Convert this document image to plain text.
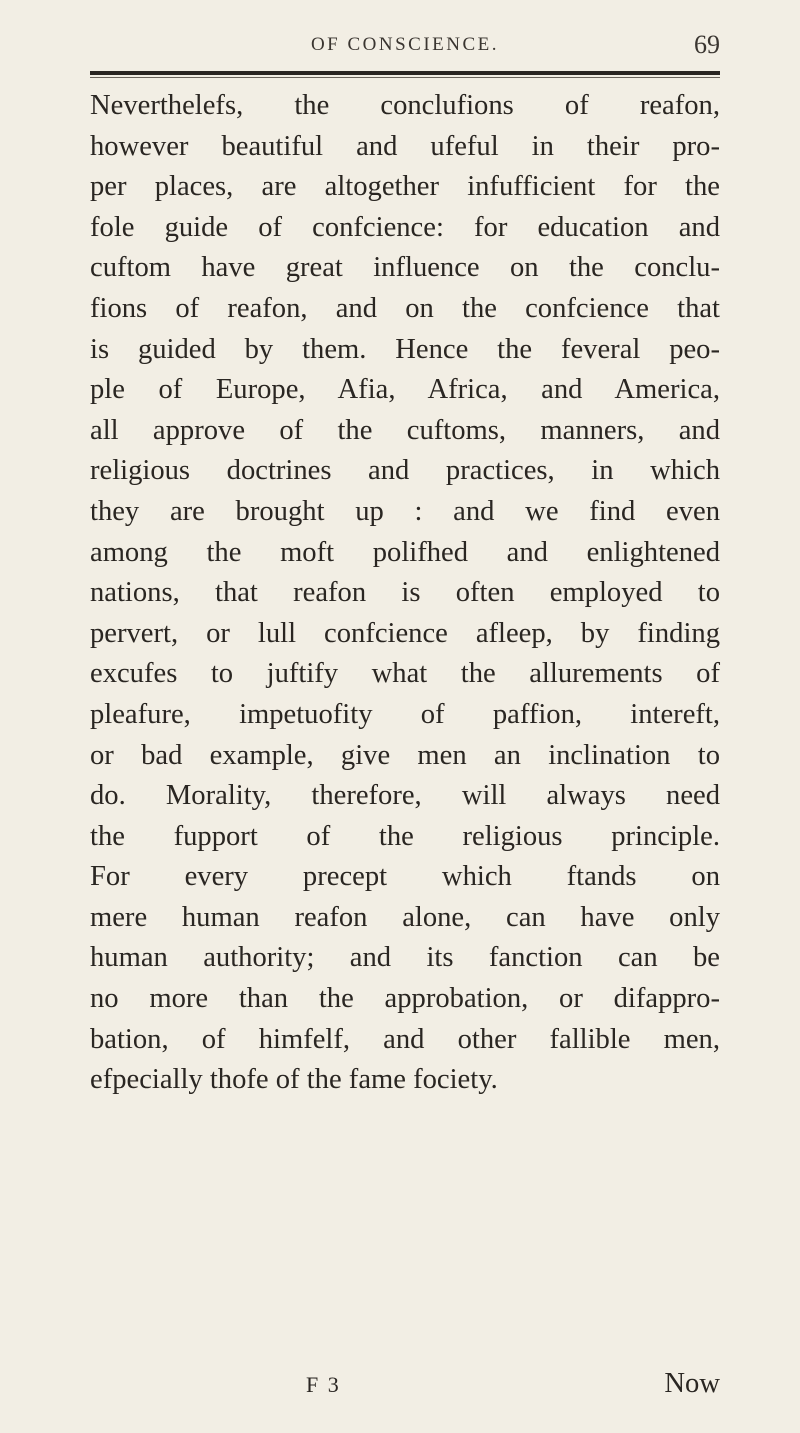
OF CONSCIENCE.	69
Neverthelefs, the conclufions of reafon,
however beautiful and ufeful in their pro-
per places, are altogether infufficient for the
fole guide of confcience: for education and
cuftom have great influence on the conclu-
fions of reafon, and on the confcience that
is guided by them. Hence the feveral peo-
ple of Europe, Afia, Africa, and America,
all approve of the cuftoms, manners, and
religious doctrines and practices, in which
they are brought up : and we find even
among the moft polifhed and enlightened
nations, that reafon is often employed to
pervert, or lull confcience afleep, by finding
excufes to juftify what the allurements of
pleafure, impetuofity of paffion, intereft,
or bad example, give men an inclination to
do. Morality, therefore, will always need
the fupport of the religious principle.
For every precept which ftands on
mere human reafon alone, can have only
human authority; and its fanction can be
no more than the approbation, or difappro-
bation, of himfelf, and other fallible men,
efpecially thofe of the fame fociety.
F 3	Now
